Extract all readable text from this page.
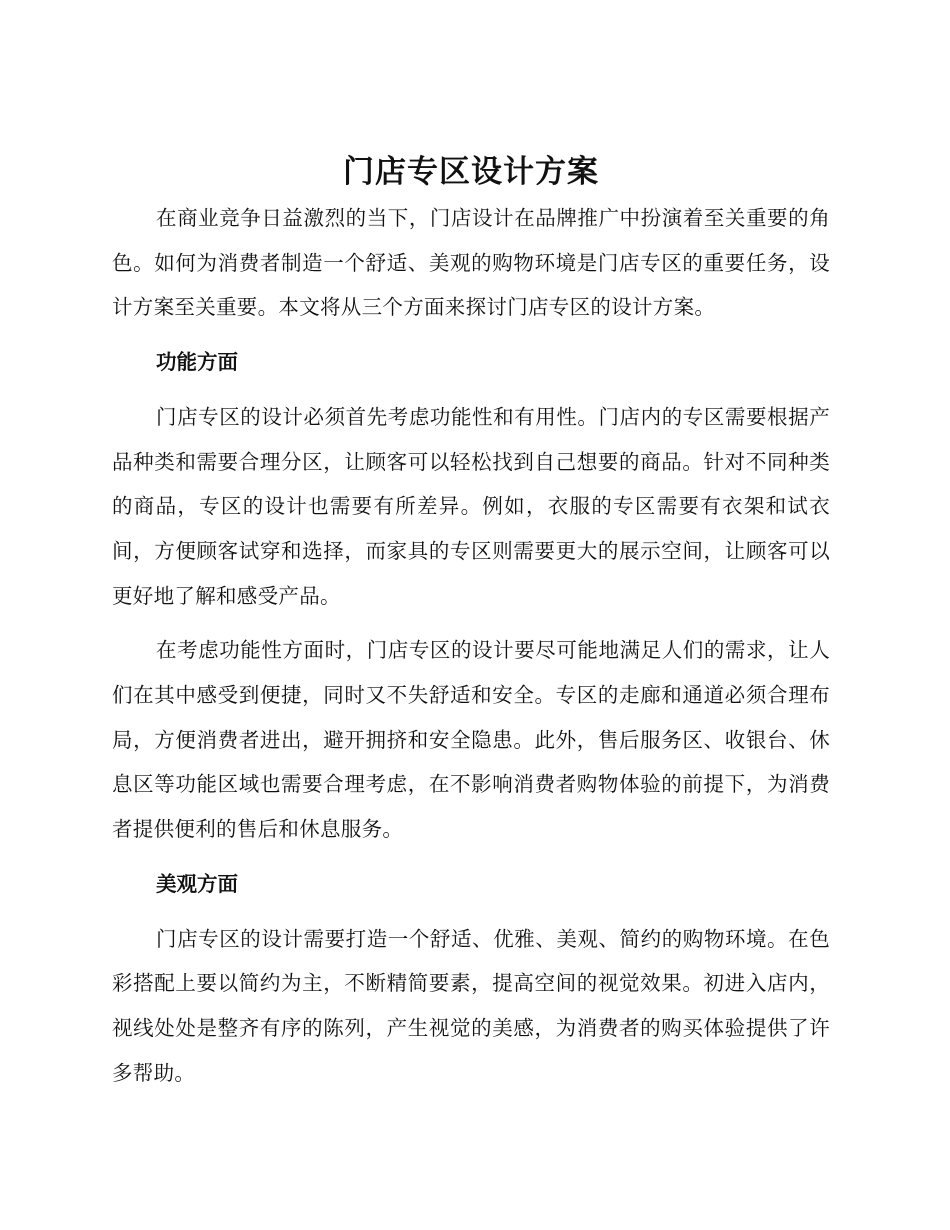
门店专区设计方案

在商业竞争日益激烈的当下，门店设计在品牌推广中扮演着至关重要的角色。如何为消费者制造一个舒适、美观的购物环境是门店专区的重要任务，设计方案至关重要。本文将从三个方面来探讨门店专区的设计方案。

功能方面

门店专区的设计必须首先考虑功能性和有用性。门店内的专区需要根据产品种类和需要合理分区，让顾客可以轻松找到自己想要的商品。针对不同种类的商品，专区的设计也需要有所差异。例如，衣服的专区需要有衣架和试衣间，方便顾客试穿和选择，而家具的专区则需要更大的展示空间，让顾客可以更好地了解和感受产品。

在考虑功能性方面时，门店专区的设计要尽可能地满足人们的需求，让人们在其中感受到便捷，同时又不失舒适和安全。专区的走廊和通道必须合理布局，方便消费者进出，避开拥挤和安全隐患。此外，售后服务区、收银台、休息区等功能区域也需要合理考虑，在不影响消费者购物体验的前提下，为消费者提供便利的售后和休息服务。

美观方面

门店专区的设计需要打造一个舒适、优雅、美观、简约的购物环境。在色彩搭配上要以简约为主，不断精简要素，提高空间的视觉效果。初进入店内，视线处处是整齐有序的陈列，产生视觉的美感，为消费者的购买体验提供了许多帮助。
